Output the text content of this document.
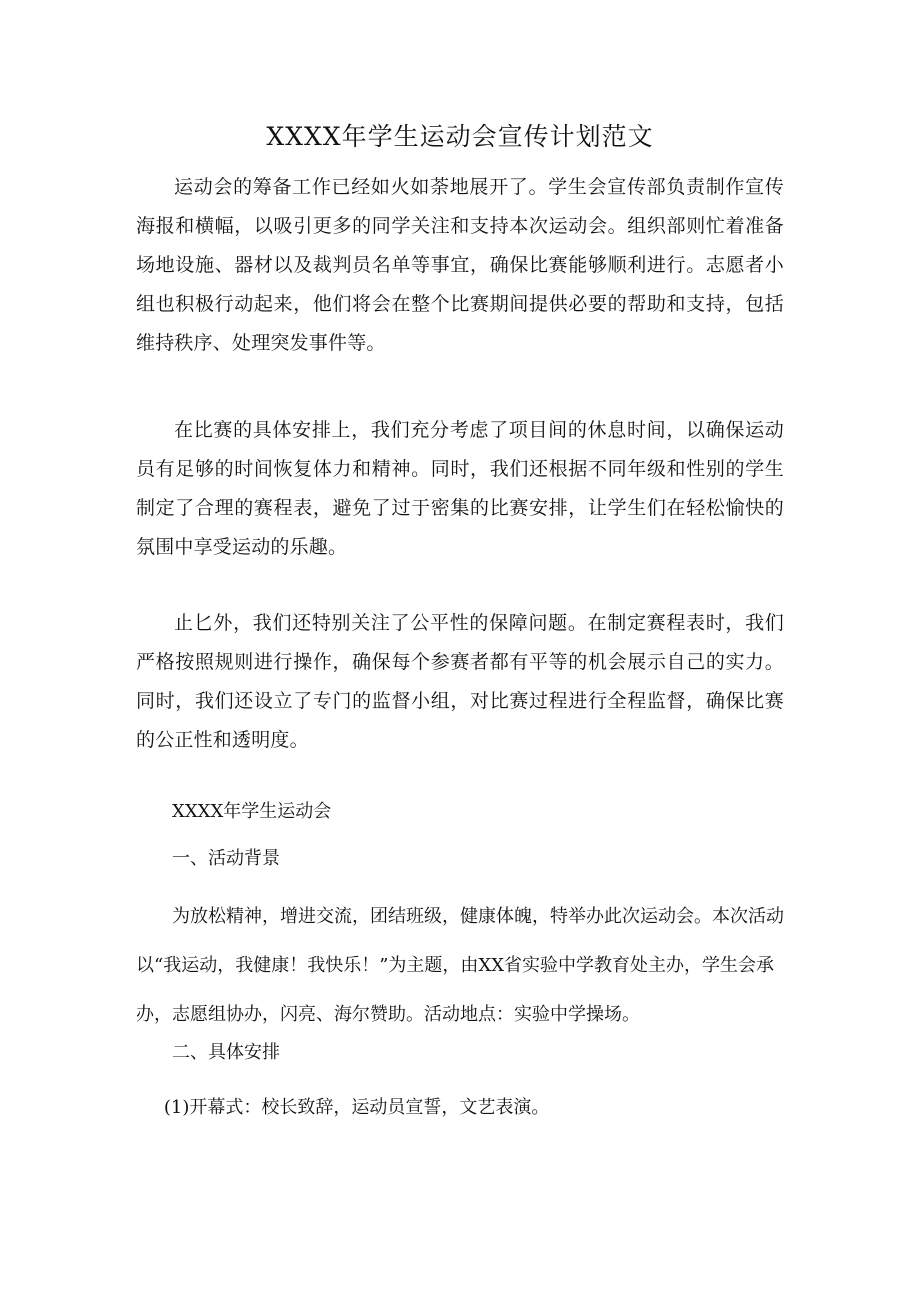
XXXX年学生运动会宣传计划范文

运动会的筹备工作已经如火如荼地展开了。学生会宣传部负责制作宣传海报和横幅，以吸引更多的同学关注和支持本次运动会。组织部则忙着准备场地设施、器材以及裁判员名单等事宜，确保比赛能够顺利进行。志愿者小组也积极行动起来，他们将会在整个比赛期间提供必要的帮助和支持，包括维持秩序、处理突发事件等。

在比赛的具体安排上，我们充分考虑了项目间的休息时间，以确保运动员有足够的时间恢复体力和精神。同时，我们还根据不同年级和性别的学生制定了合理的赛程表，避免了过于密集的比赛安排，让学生们在轻松愉快的氛围中享受运动的乐趣。

止匕外，我们还特别关注了公平性的保障问题。在制定赛程表时，我们严格按照规则进行操作，确保每个参赛者都有平等的机会展示自己的实力。同时，我们还设立了专门的监督小组，对比赛过程进行全程监督，确保比赛的公正性和透明度。

XXXX年学生运动会

一、活动背景

为放松精神，增进交流，团结班级，健康体魄，特举办此次运动会。本次活动以“我运动，我健康！我快乐！”为主题，由XX省实验中学教育处主办，学生会承办，志愿组协办，闪亮、海尔赞助。活动地点：实验中学操场。

二、具体安排

(1)开幕式：校长致辞，运动员宣誓，文艺表演。
